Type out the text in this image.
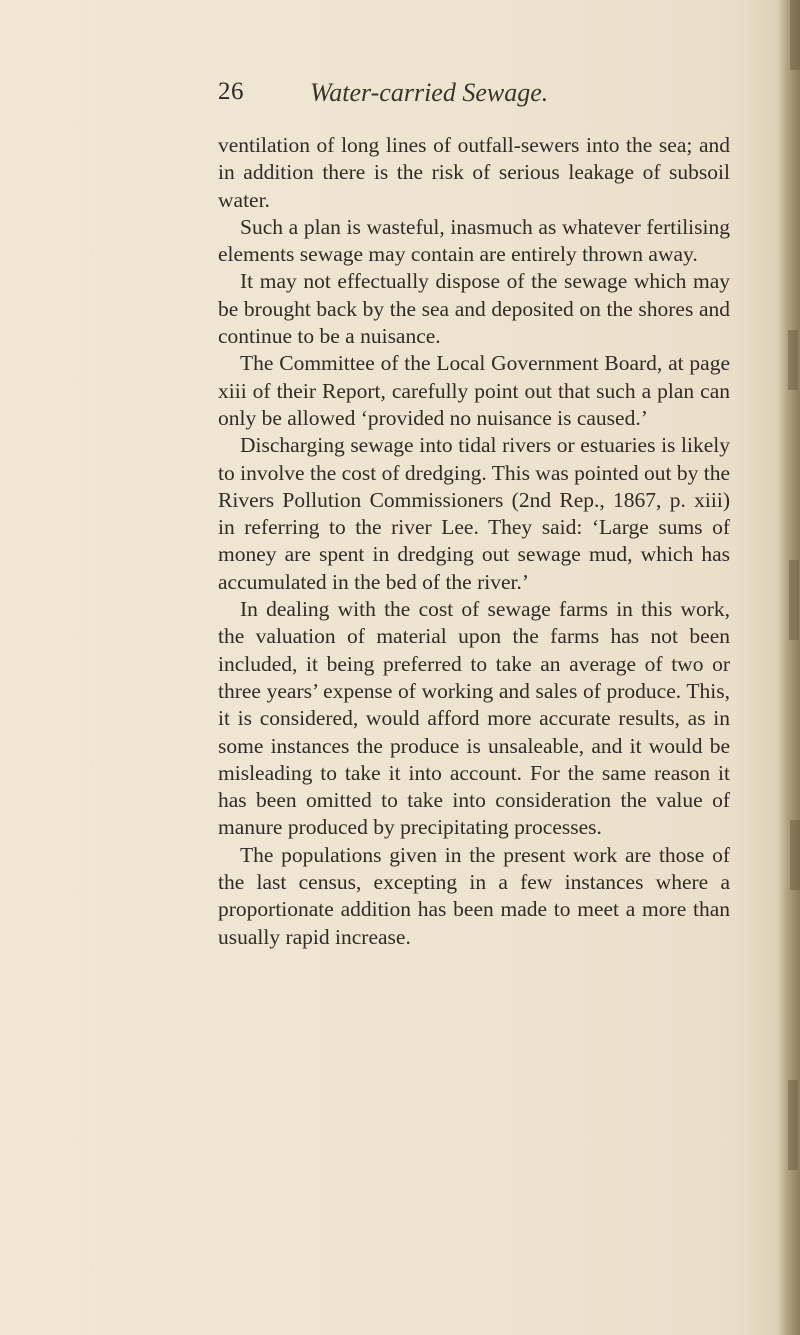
26	Water-carried Sewage.

ventilation of long lines of outfall-sewers into the sea; and in addition there is the risk of serious leakage of subsoil water.

Such a plan is wasteful, inasmuch as whatever fertilising elements sewage may contain are entirely thrown away.

It may not effectually dispose of the sewage which may be brought back by the sea and deposited on the shores and continue to be a nuisance.

The Committee of the Local Government Board, at page xiii of their Report, carefully point out that such a plan can only be allowed ‘provided no nuisance is caused.’

Discharging sewage into tidal rivers or estuaries is likely to involve the cost of dredging. This was pointed out by the Rivers Pollution Commissioners (2nd Rep., 1867, p. xiii) in referring to the river Lee. They said: ‘Large sums of money are spent in dredging out sewage mud, which has accumulated in the bed of the river.’

In dealing with the cost of sewage farms in this work, the valuation of material upon the farms has not been included, it being preferred to take an average of two or three years’ expense of working and sales of produce. This, it is considered, would afford more accurate results, as in some instances the produce is unsaleable, and it would be misleading to take it into account. For the same reason it has been omitted to take into consideration the value of manure produced by precipitating processes.

The populations given in the present work are those of the last census, excepting in a few instances where a proportionate addition has been made to meet a more than usually rapid increase.
